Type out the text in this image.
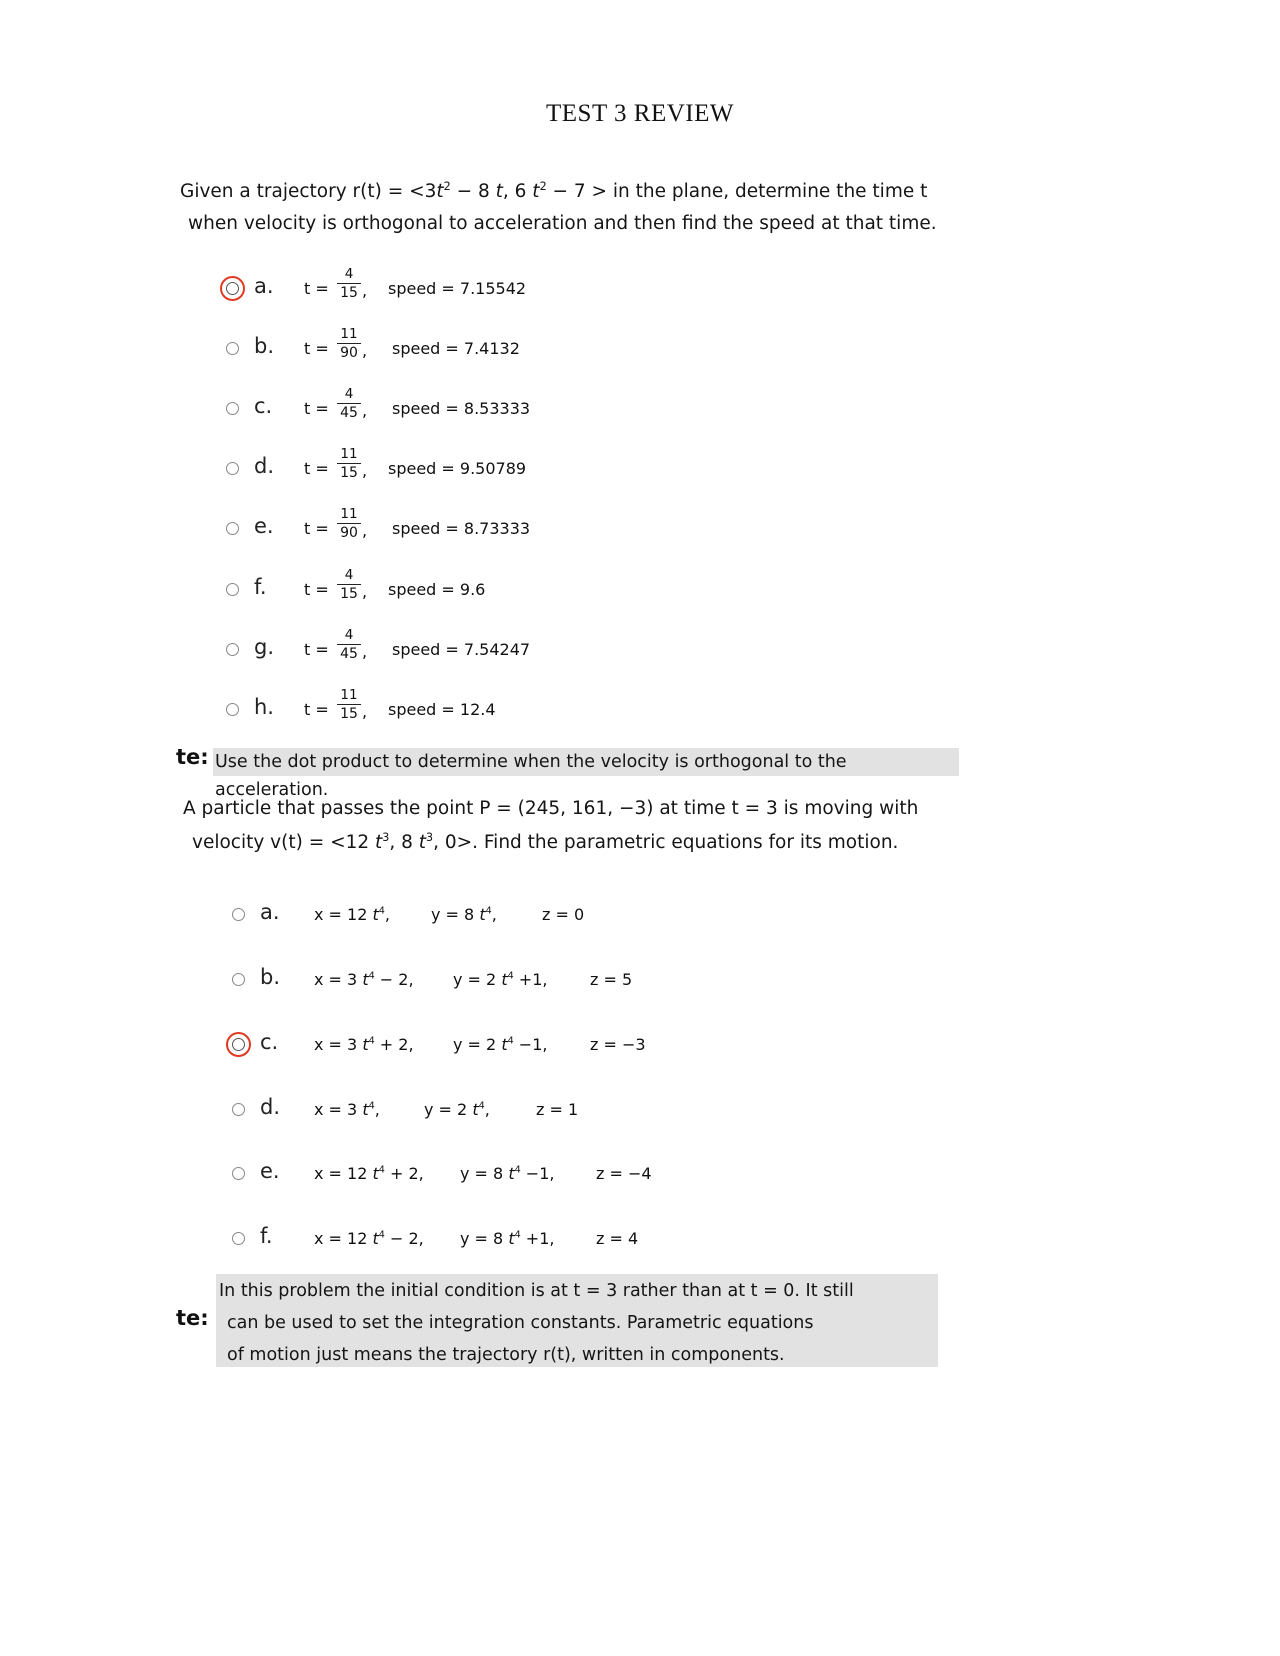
TEST 3 REVIEW
Given a trajectory $r(t) = <3t^2 - 8$ t, 6 $t^2 - 7$ > in the plane, determine the time t
when velocity is orthogonal to acceleration and then find the speed at that time.
a. t =
4
15 , speed = 7.15542
b. t =
11
90 , speed = 7.4132
c. t =
4
45 , speed = 8.53333
d. t =
11
15 , speed = 9.50789
e. t =
11
90 , speed = 8.73333
f. t =
4
15 , speed = 9.6
g. t =
4
45 , speed = 7.54247
h. t =
11
15 , speed = 12.4
te: Use the dot product to determine when the velocity is orthogonal to the acceleration.
A particle that passes the point P = (245, 161, −3) at time t = 3 is moving with
velocity v(t) = <12 $t^3$, 8 $t^3$, 0>. Find the parametric equations for its motion.
a. x = 12 $t^4$,	y = 8 $t^4$,	z = 0
b. x = 3 $t^4 - 2$, y = 2 $t^4 +1$,	z = 5
c. x = 3 $t^4 + 2$, y = 2 $t^4 -1$,	z = −3
d. x = 3 $t^4$,	y = 2 $t^4$,	z = 1
e. x = 12 $t^4 + 2$, y = 8 $t^4 -1$,	z = −4
f.	x = 12 $t^4 - 2$, y = 8 $t^4 +1$,	z = 4
te:
In this problem the initial condition is at t = 3 rather than at t = 0. It still
can be used to set the integration constants. Parametric equations
of motion just means the trajectory r(t), written in components.
